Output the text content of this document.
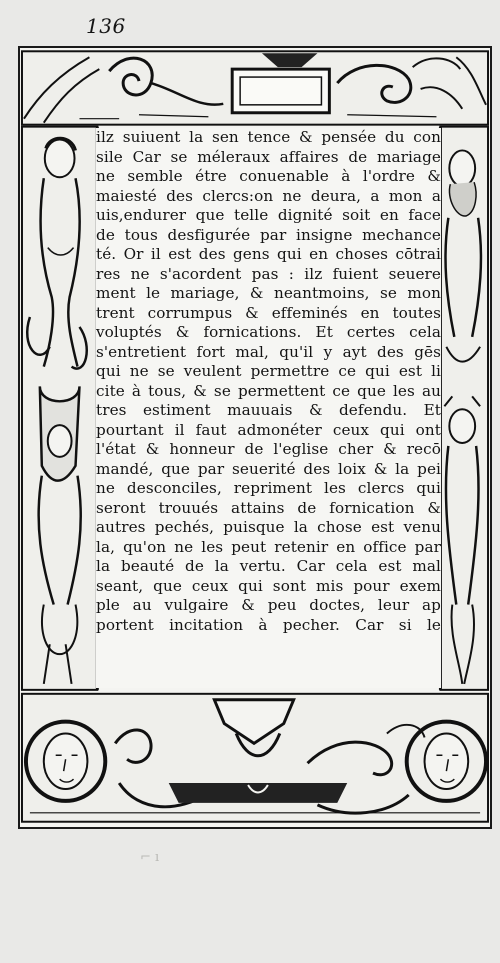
136
ilz suiuent la sen tence & pensée du con
sile Car se méleraux affaires de mariage
ne semble étre conuenable à l'ordre &
maiesté des clercs:on ne deura, a mon a
uis,endurer que telle dignité soit en face
de tous desfigurée par insigne mechance
té. Or il est des gens qui en choses cōtrai
res ne s'acordent pas : ilz fuient seuere
ment le mariage, & neantmoins, se mon
trent corrumpus & effeminés en toutes
voluptés & fornications. Et certes cela
s'entretient fort mal, qu'il y ayt des gēs
qui ne se veulent permettre ce qui est li
cite à tous, & se permettent ce que les au
tres estiment mauuais & defendu. Et
pourtant il faut admonéter ceux qui ont
l'état & honneur de l'eglise cher & recō
mandé, que par seuerité des loix & la pei
ne desconciles, repriment les clercs qui
seront trouués attains de fornication &
autres pechés, puisque la chose est venu
la, qu'on ne les peut retenir en office par
la beauté de la vertu. Car cela est mal
seant, que ceux qui sont mis pour exem
ple au vulgaire & peu doctes, leur ap
portent incitation à pecher. Car si le
⌐ ı
